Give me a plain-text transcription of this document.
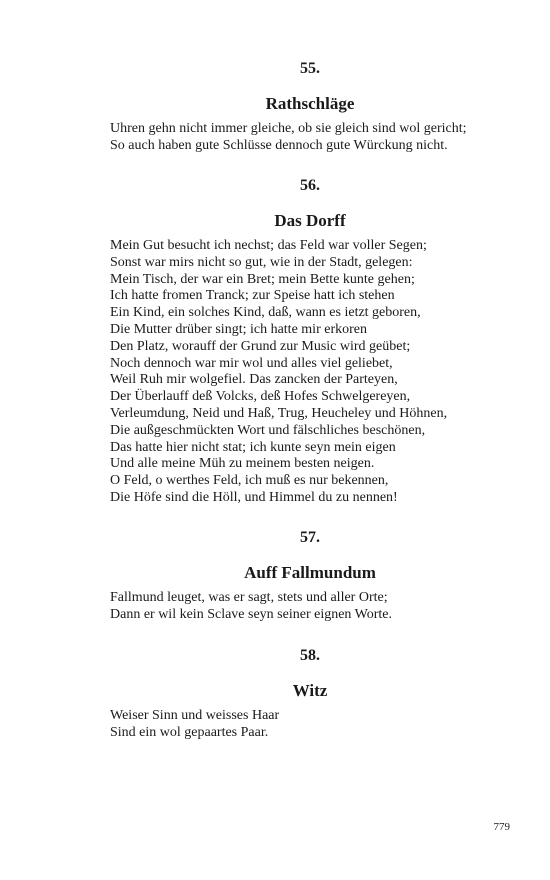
55.
Rathschläge
Uhren gehn nicht immer gleiche, ob sie gleich sind wol gericht;
So auch haben gute Schlüsse dennoch gute Würckung nicht.
56.
Das Dorff
Mein Gut besucht ich nechst; das Feld war voller Segen;
Sonst war mirs nicht so gut, wie in der Stadt, gelegen:
Mein Tisch, der war ein Bret; mein Bette kunte gehen;
Ich hatte fromen Tranck; zur Speise hatt ich stehen
Ein Kind, ein solches Kind, daß, wann es ietzt geboren,
Die Mutter drüber singt; ich hatte mir erkoren
Den Platz, worauff der Grund zur Music wird geübet;
Noch dennoch war mir wol und alles viel geliebet,
Weil Ruh mir wolgefiel. Das zancken der Parteyen,
Der Überlauff deß Volcks, deß Hofes Schwelgereyen,
Verleumdung, Neid und Haß, Trug, Heucheley und Höhnen,
Die außgeschmückten Wort und fälschliches beschönen,
Das hatte hier nicht stat; ich kunte seyn mein eigen
Und alle meine Müh zu meinem besten neigen.
O Feld, o werthes Feld, ich muß es nur bekennen,
Die Höfe sind die Höll, und Himmel du zu nennen!
57.
Auff Fallmundum
Fallmund leuget, was er sagt, stets und aller Orte;
Dann er wil kein Sclave seyn seiner eignen Worte.
58.
Witz
Weiser Sinn und weisses Haar
Sind ein wol gepaartes Paar.
779
